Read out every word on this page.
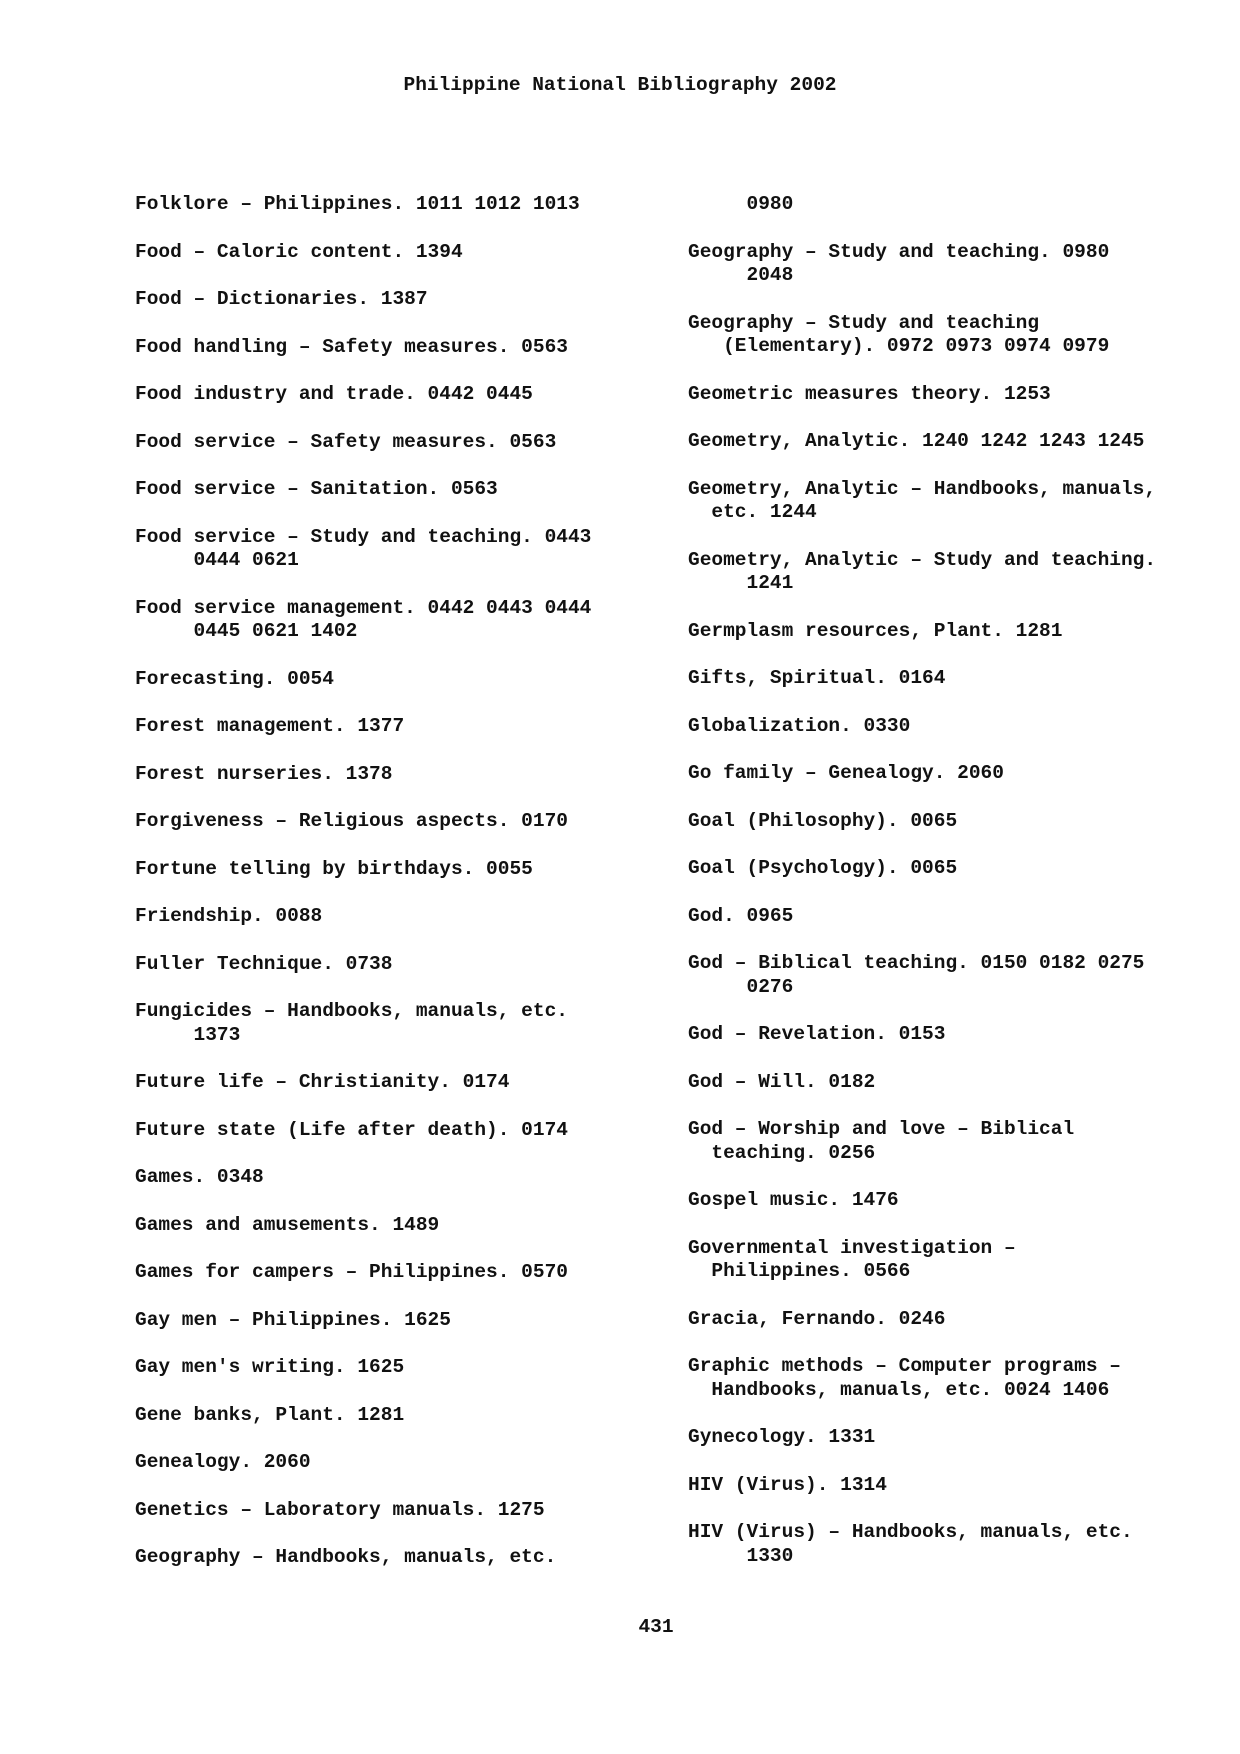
Philippine National Bibliography 2002
Folklore – Philippines. 1011 1012 1013
Food – Caloric content. 1394
Food – Dictionaries. 1387
Food handling – Safety measures. 0563
Food industry and trade. 0442 0445
Food service – Safety measures. 0563
Food service – Sanitation. 0563
Food service – Study and teaching. 0443
0444 0621
Food service management. 0442 0443 0444
0445 0621 1402
Forecasting. 0054
Forest management. 1377
Forest nurseries. 1378
Forgiveness – Religious aspects. 0170
Fortune telling by birthdays. 0055
Friendship. 0088
Fuller Technique. 0738
Fungicides – Handbooks, manuals, etc.
1373
Future life – Christianity. 0174
Future state (Life after death). 0174
Games. 0348
Games and amusements. 1489
Games for campers – Philippines. 0570
Gay men – Philippines. 1625
Gay men's writing. 1625
Gene banks, Plant. 1281
Genealogy. 2060
Genetics – Laboratory manuals. 1275
Geography – Handbooks, manuals, etc.
0980
Geography – Study and teaching. 0980
2048
Geography – Study and teaching
(Elementary). 0972 0973 0974 0979
Geometric measures theory. 1253
Geometry, Analytic. 1240 1242 1243 1245
Geometry, Analytic – Handbooks, manuals,
etc. 1244
Geometry, Analytic – Study and teaching.
1241
Germplasm resources, Plant. 1281
Gifts, Spiritual. 0164
Globalization. 0330
Go family – Genealogy. 2060
Goal (Philosophy). 0065
Goal (Psychology). 0065
God. 0965
God – Biblical teaching. 0150 0182 0275
0276
God – Revelation. 0153
God – Will. 0182
God – Worship and love – Biblical
teaching. 0256
Gospel music. 1476
Governmental investigation –
Philippines. 0566
Gracia, Fernando. 0246
Graphic methods – Computer programs –
Handbooks, manuals, etc. 0024 1406
Gynecology. 1331
HIV (Virus). 1314
HIV (Virus) – Handbooks, manuals, etc.
1330
431
